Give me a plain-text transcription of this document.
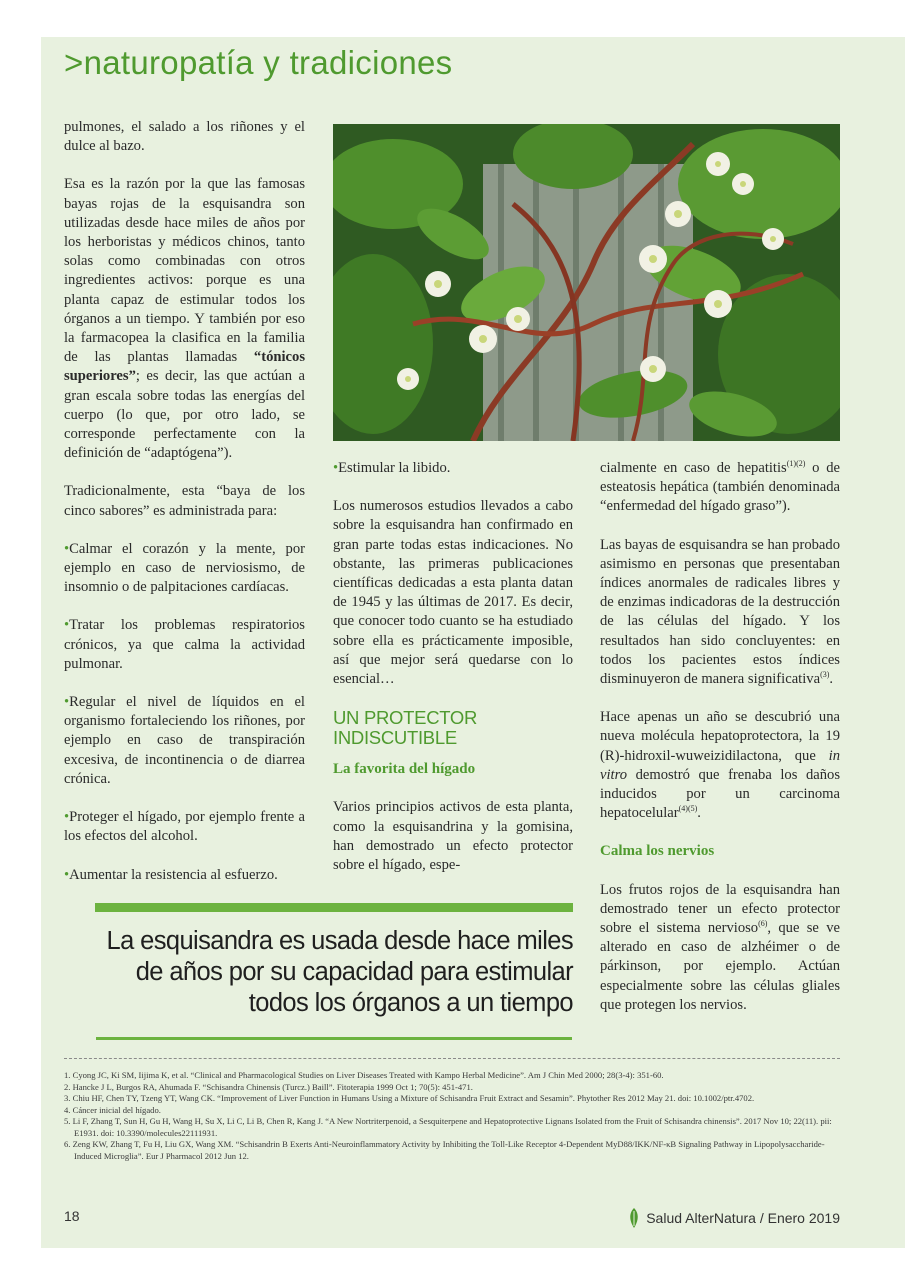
>naturopatía y tradiciones

pulmones, el salado a los riñones y el dulce al bazo.

Esa es la razón por la que las famosas bayas rojas de la esquisandra son utilizadas desde hace miles de años por los herboristas y médicos chinos, tanto solas como combinadas con otros ingredientes activos: porque es una planta capaz de estimular todos los órganos a un tiempo. Y también por eso la farmacopea la clasifica en la familia de las plantas llamadas “tónicos superiores”; es decir, las que actúan a gran escala sobre todas las energías del cuerpo (lo que, por otro lado, se corresponde perfectamente con la definición de “adaptógena”).

Tradicionalmente, esta “baya de los cinco sabores” es administrada para:

•Calmar el corazón y la mente, por ejemplo en caso de nerviosismo, de insomnio o de palpitaciones cardíacas.

•Tratar los problemas respiratorios crónicos, ya que calma la actividad pulmonar.

•Regular el nivel de líquidos en el organismo fortaleciendo los riñones, por ejemplo en caso de transpiración excesiva, de incontinencia o de diarrea crónica.

•Proteger el hígado, por ejemplo frente a los efectos del alcohol.

•Aumentar la resistencia al esfuerzo.

•Estimular la libido.

Los numerosos estudios llevados a cabo sobre la esquisandra han confirmado en gran parte todas estas indicaciones. No obstante, las primeras publicaciones científicas dedicadas a esta planta datan de 1945 y las últimas de 2017. Es decir, que conocer todo cuanto se ha estudiado sobre ella es prácticamente imposible, así que mejor será quedarse con lo esencial…

UN PROTECTOR INDISCUTIBLE
La favorita del hígado

Varios principios activos de esta planta, como la esquisandrina y la gomisina, han demostrado un efecto protector sobre el hígado, espe-

cialmente en caso de hepatitis$^{(1)(2)}$ o de esteatosis hepática (también denominada “enfermedad del hígado graso”).

Las bayas de esquisandra se han probado asimismo en personas que presentaban índices anormales de radicales libres y de enzimas indicadoras de la destrucción de las células del hígado. Y los resultados han sido concluyentes: en todos los pacientes estos índices disminuyeron de manera significativa$^{(3)}$.

Hace apenas un año se descubrió una nueva molécula hepatoprotectora, la 19 (R)-hidroxil-wuweizidilactona, que in vitro demostró que frenaba los daños inducidos por un carcinoma hepatocelular$^{(4)(5)}$.

Calma los nervios

Los frutos rojos de la esquisandra han demostrado tener un efecto protector sobre el sistema nervioso$^{(6)}$, que se ve alterado en caso de alzhéimer o de párkinson, por ejemplo. Actúan especialmente sobre las células gliales que protegen los nervios.

La esquisandra es usada desde hace miles
de años por su capacidad para estimular
todos los órganos a un tiempo
1. Cyong JC, Ki SM, Iijima K, et al. “Clinical and Pharmacological Studies on Liver Diseases Treated with Kampo Herbal Medicine”. Am J Chin Med 2000; 28(3-4): 351-60.
2. Hancke J L, Burgos RA, Ahumada F. “Schisandra Chinensis (Turcz.) Baill”. Fitoterapia 1999 Oct 1; 70(5): 451-471.
3. Chiu HF, Chen TY, Tzeng YT, Wang CK. “Improvement of Liver Function in Humans Using a Mixture of Schisandra Fruit Extract and Sesamin”. Phytother Res 2012 May 21. doi: 10.1002/ptr.4702.
4. Cáncer inicial del hígado.
5. Li F, Zhang T, Sun H, Gu H, Wang H, Su X, Li C, Li B, Chen R, Kang J. “A New Nortriterpenoid, a Sesquiterpene and Hepatoprotective Lignans Isolated from the Fruit of Schisandra chinensis”. 2017 Nov 10; 22(11). pii: E1931. doi: 10.3390/molecules22111931.
6. Zeng KW, Zhang T, Fu H, Liu GX, Wang XM. “Schisandrin B Exerts Anti-Neuroinflammatory Activity by Inhibiting the Toll-Like Receptor 4-Dependent MyD88/IKK/NF-κB Signaling Pathway in Lipopolysaccharide-Induced Microglia”. Eur J Pharmacol 2012 Jun 12.
18	Salud AlterNatura / Enero 2019
